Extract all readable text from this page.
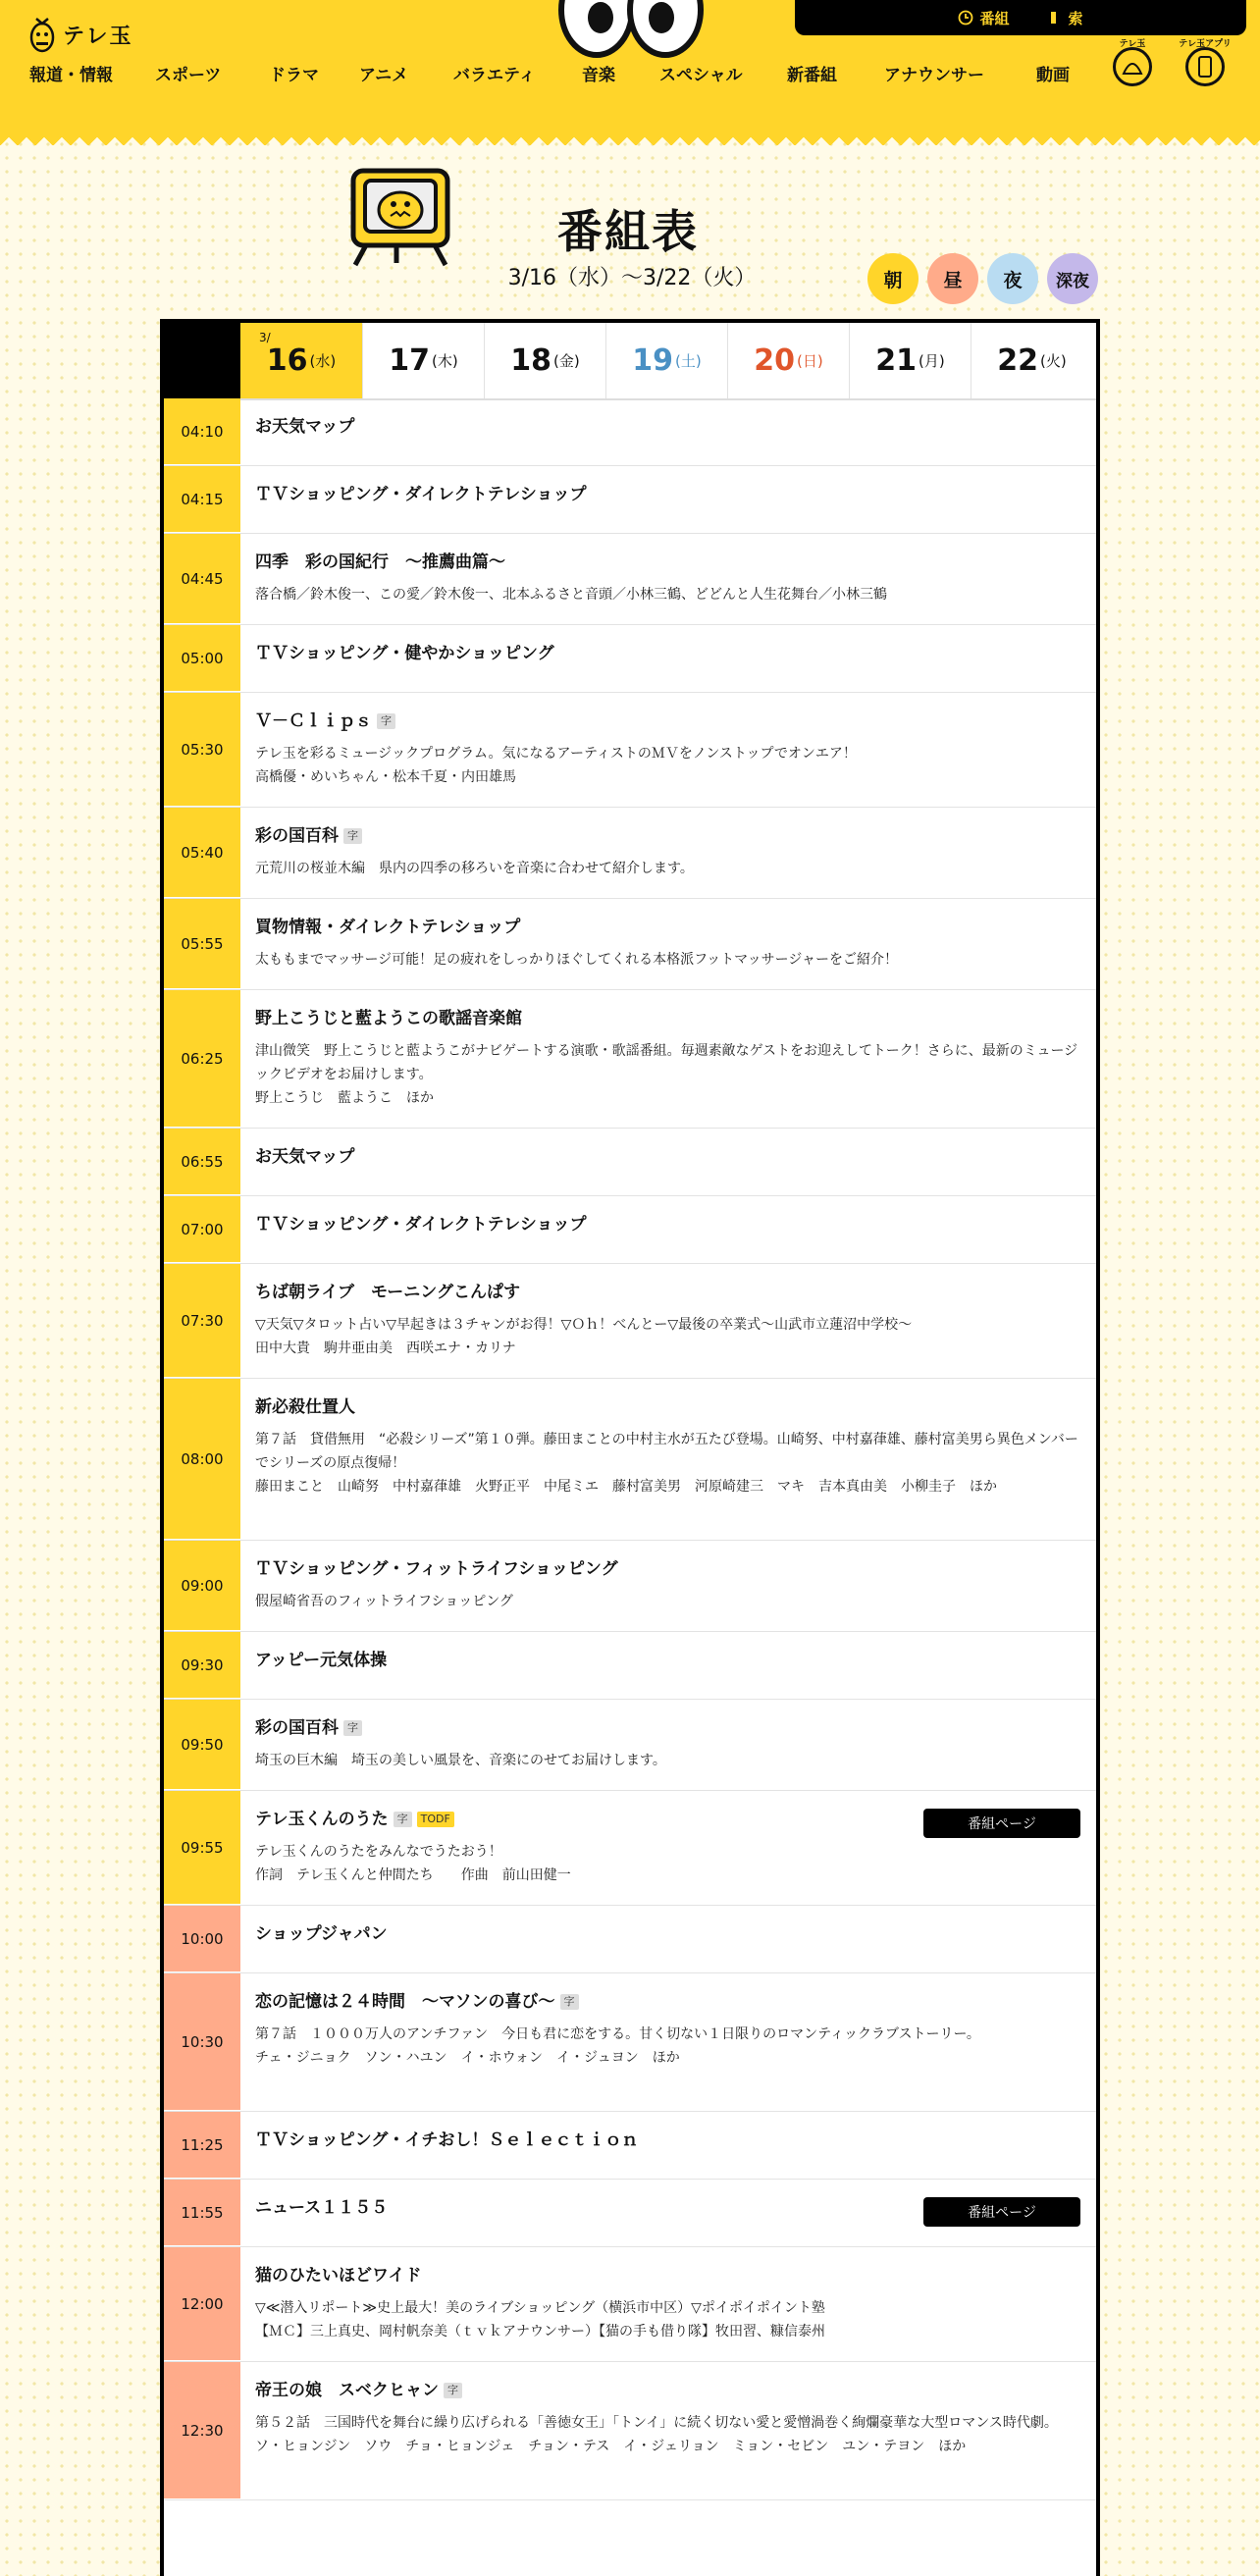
テレ玉
番組	索
報道・情報	スポーツ	ドラマ アニメ	バラエティ	音楽	スペシャル	新番組	アナウンサー	動画
テレ玉	テレ玉アプリ
番組表
3/16（水）〜3/22（火）	朝 昼 夜 深夜
3/
16 (水) 17 (木) 18 (金) 19 (土) 20 (日) 21 (月) 22 (火)
04:10	お天気マップ
04:15	ＴＶショッピング・ダイレクトテレショップ
04:45
四季　彩の国紀行　～推薦曲篇～
落合橋／鈴木俊一、この愛／鈴木俊一、北本ふるさと音頭／小林三鶴、どどんと人生花舞台／小林三鶴
05:00	ＴＶショッピング・健やかショッピング
05:30
Ｖ－Ｃｌｉｐｓ 字
テレ玉を彩るミュージックプログラム。気になるアーティストのＭＶをノンストップでオンエア！
高橋優・めいちゃん・松本千夏・内田雄馬
05:40
彩の国百科 字
元荒川の桜並木編　県内の四季の移ろいを音楽に合わせて紹介します。
05:55
買物情報・ダイレクトテレショップ
太ももまでマッサージ可能！足の疲れをしっかりほぐしてくれる本格派フットマッサージャーをご紹介！
06:25
野上こうじと藍ようこの歌謡音楽館
津山微笑　野上こうじと藍ようこがナビゲートする演歌・歌謡番組。毎週素敵なゲストをお迎えしてトーク！さらに、最新のミュージックビデオをお届けします。
野上こうじ　藍ようこ　ほか
06:55	お天気マップ
07:00	ＴＶショッピング・ダイレクトテレショップ
07:30
ちば朝ライブ　モーニングこんぱす
▽天気▽タロット占い▽早起きは３チャンがお得！▽Ｏｈ！べんとー▽最後の卒業式～山武市立蓮沼中学校～
田中大貴　駒井亜由美　西咲エナ・カリナ
08:00
新必殺仕置人
第７話　貸借無用　“必殺シリーズ”第１０弾。藤田まことの中村主水が五たび登場。山崎努、中村嘉葎雄、藤村富美男ら異色メンバーでシリーズの原点復帰！
藤田まこと　山崎努　中村嘉葎雄　火野正平　中尾ミエ　藤村富美男　河原崎建三　マキ　吉本真由美　小柳圭子　ほか
09:00
ＴＶショッピング・フィットライフショッピング
假屋崎省吾のフィットライフショッピング
09:30	アッピー元気体操
09:50
彩の国百科 字
埼玉の巨木編　埼玉の美しい風景を、音楽にのせてお届けします。
09:55
テレ玉くんのうた 字	TODF
テレ玉くんのうたをみんなでうたおう！
作詞　テレ玉くんと仲間たち　　作曲　前山田健一
番組ページ
10:00	ショップジャパン
10:30
恋の記憶は２４時間　～マソンの喜び～ 字
第７話　１０００万人のアンチファン　今日も君に恋をする。甘く切ない１日限りのロマンティックラブストーリー。
チェ・ジニョク　ソン・ハユン　イ・ホウォン　イ・ジュヨン　ほか
11:25	ＴＶショッピング・イチおし！Ｓｅｌｅｃｔｉｏｎ
11:55	ニュース１１５５	番組ページ
12:00
猫のひたいほどワイド
▽≪潜入リポート≫史上最大！美のライブショッピング（横浜市中区）▽ポイポイポイント塾
【ＭＣ】三上真史、岡村帆奈美（ｔｖｋアナウンサー）【猫の手も借り隊】牧田習、糠信泰州
12:30
帝王の娘　スベクヒャン 字
第５２話　三国時代を舞台に繰り広げられる「善徳女王」「トンイ」に続く切ない愛と愛憎渦巻く絢爛豪華な大型ロマンス時代劇。
ソ・ヒョンジン　ソウ　チョ・ヒョンジェ　チョン・テス　イ・ジェリョン　ミョン・セビン　ユン・テヨン　ほか
